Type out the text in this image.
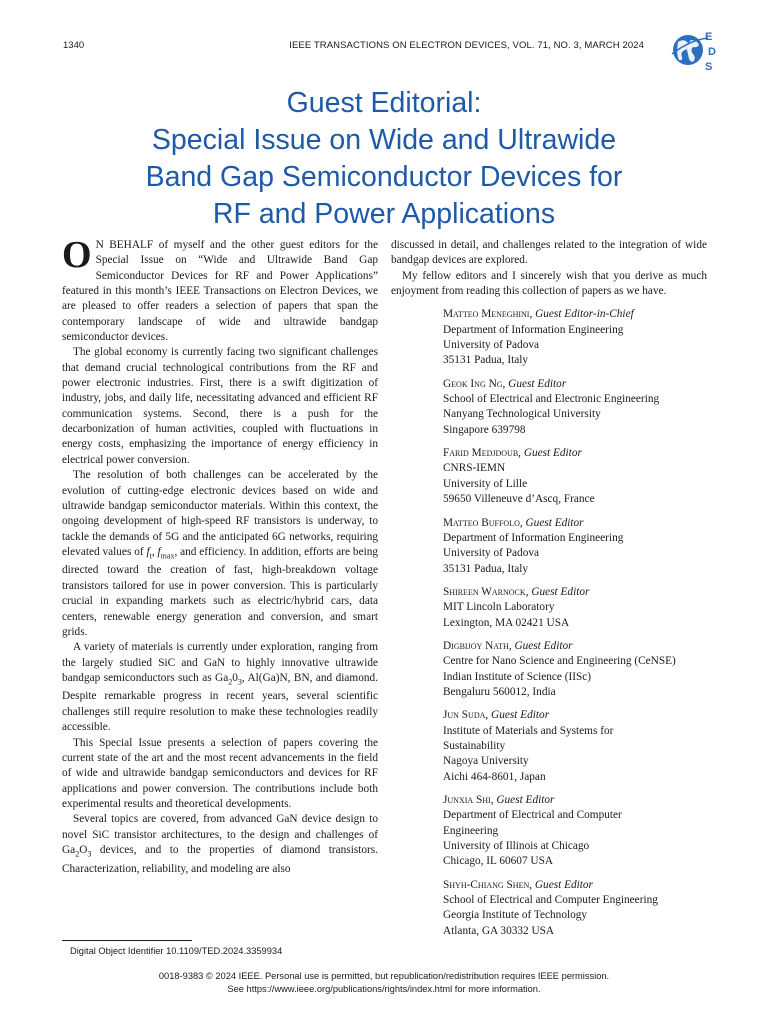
1340	IEEE TRANSACTIONS ON ELECTRON DEVICES, VOL. 71, NO. 3, MARCH 2024
E
D
S
Guest Editorial:
Special Issue on Wide and Ultrawide
Band Gap Semiconductor Devices for
RF and Power Applications

O N BEHALF of myself and the other guest editors for the Special Issue on “Wide and Ultrawide Band Gap Semiconductor Devices for RF and Power Applications” featured in this month’s IEEE Transactions on Electron Devices, we are pleased to offer readers a selection of papers that span the contemporary landscape of wide and ultrawide bandgap semiconductor devices.

The global economy is currently facing two significant challenges that demand crucial technological contributions from the RF and power electronic industries. First, there is a swift digitization of industry, jobs, and daily life, necessitating advanced and efficient RF communication systems. Second, there is a push for the decarbonization of human activities, coupled with fluctuations in energy costs, emphasizing the importance of energy efficiency in electrical power conversion.

The resolution of both challenges can be accelerated by the evolution of cutting-edge electronic devices based on wide and ultrawide bandgap semiconductor materials. Within this context, the ongoing development of high-speed RF transistors is underway, to tackle the demands of 5G and the anticipated 6G networks, requiring elevated values of $f_t$, $f_{max}$, and efficiency. In addition, efforts are being directed toward the creation of fast, high-breakdown voltage transistors tailored for use in power conversion. This is particularly crucial in expanding markets such as electric/hybrid cars, data centers, renewable energy generation and conversion, and smart grids.

A variety of materials is currently under exploration, ranging from the largely studied SiC and GaN to highly innovative ultrawide bandgap semiconductors such as $Ga_20_3$, Al(Ga)N, BN, and diamond. Despite remarkable progress in recent years, several scientific challenges still require resolution to make these technologies readily accessible.

This Special Issue presents a selection of papers covering the current state of the art and the most recent advancements in the field of wide and ultrawide bandgap semiconductors and devices for RF applications and power conversion. The contributions include both experimental results and theoretical developments.

Several topics are covered, from advanced GaN device design to novel SiC transistor architectures, to the design and challenges of $Ga_2O_3$ devices, and to the properties of diamond transistors. Characterization, reliability, and modeling are also

discussed in detail, and challenges related to the integration of wide bandgap devices are explored.

My fellow editors and I sincerely wish that you derive as much enjoyment from reading this collection of papers as we have.

Matteo Meneghini, Guest Editor-in-Chief
Department of Information Engineering
University of Padova
35131 Padua, Italy
Geok Ing Ng, Guest Editor
School of Electrical and Electronic Engineering
Nanyang Technological University
Singapore 639798
Farid Medjdoub, Guest Editor
CNRS-IEMN
University of Lille
59650 Villeneuve d’Ascq, France
Matteo Buffolo, Guest Editor
Department of Information Engineering
University of Padova
35131 Padua, Italy
Shireen Warnock, Guest Editor
MIT Lincoln Laboratory
Lexington, MA 02421 USA
Digbijoy Nath, Guest Editor
Centre for Nano Science and Engineering (CeNSE)
Indian Institute of Science (IISc)
Bengaluru 560012, India
Jun Suda, Guest Editor
Institute of Materials and Systems for
Sustainability
Nagoya University
Aichi 464-8601, Japan
Junxia Shi, Guest Editor
Department of Electrical and Computer
Engineering
University of Illinois at Chicago
Chicago, IL 60607 USA
Shyh-Chiang Shen, Guest Editor
School of Electrical and Computer Engineering
Georgia Institute of Technology
Atlanta, GA 30332 USA
Digital Object Identifier 10.1109/TED.2024.3359934
0018-9383 © 2024 IEEE. Personal use is permitted, but republication/redistribution requires IEEE permission.
See https://www.ieee.org/publications/rights/index.html for more information.
